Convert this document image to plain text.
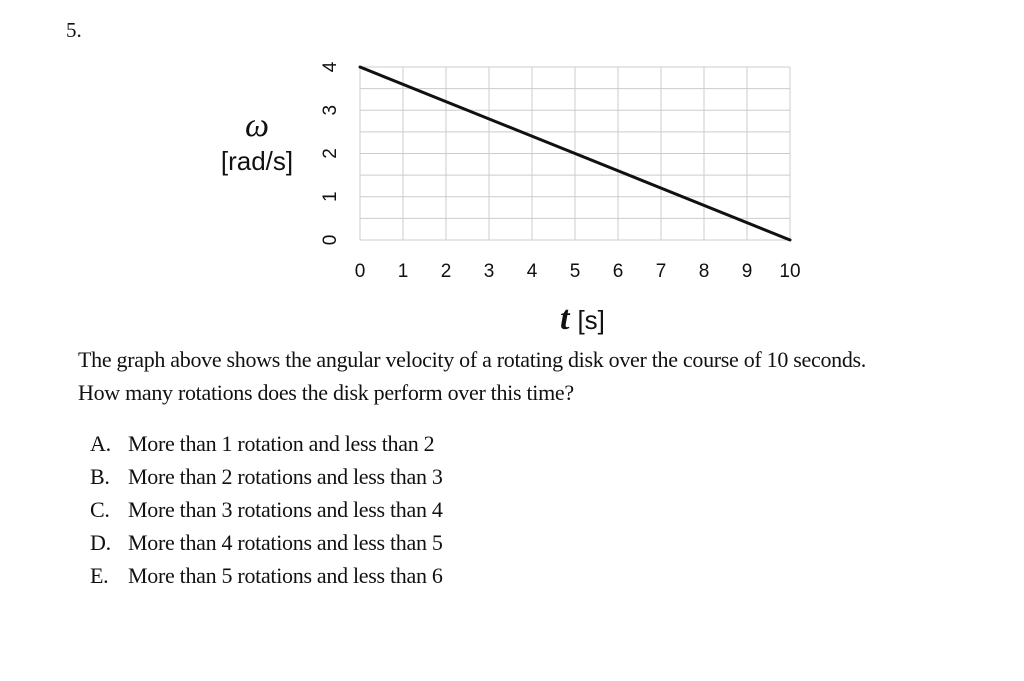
5.
ω
[rad/s]
0 1 2 3 4 5 6 7 8 9 10
0
1
2
3
4
t [s]

The graph above shows the angular velocity of a rotating disk over the course of 10 seconds.

How many rotations does the disk perform over this time?

A. More than 1 rotation and less than 2
B. More than 2 rotations and less than 3
C. More than 3 rotations and less than 4
D. More than 4 rotations and less than 5
E. More than 5 rotations and less than 6
